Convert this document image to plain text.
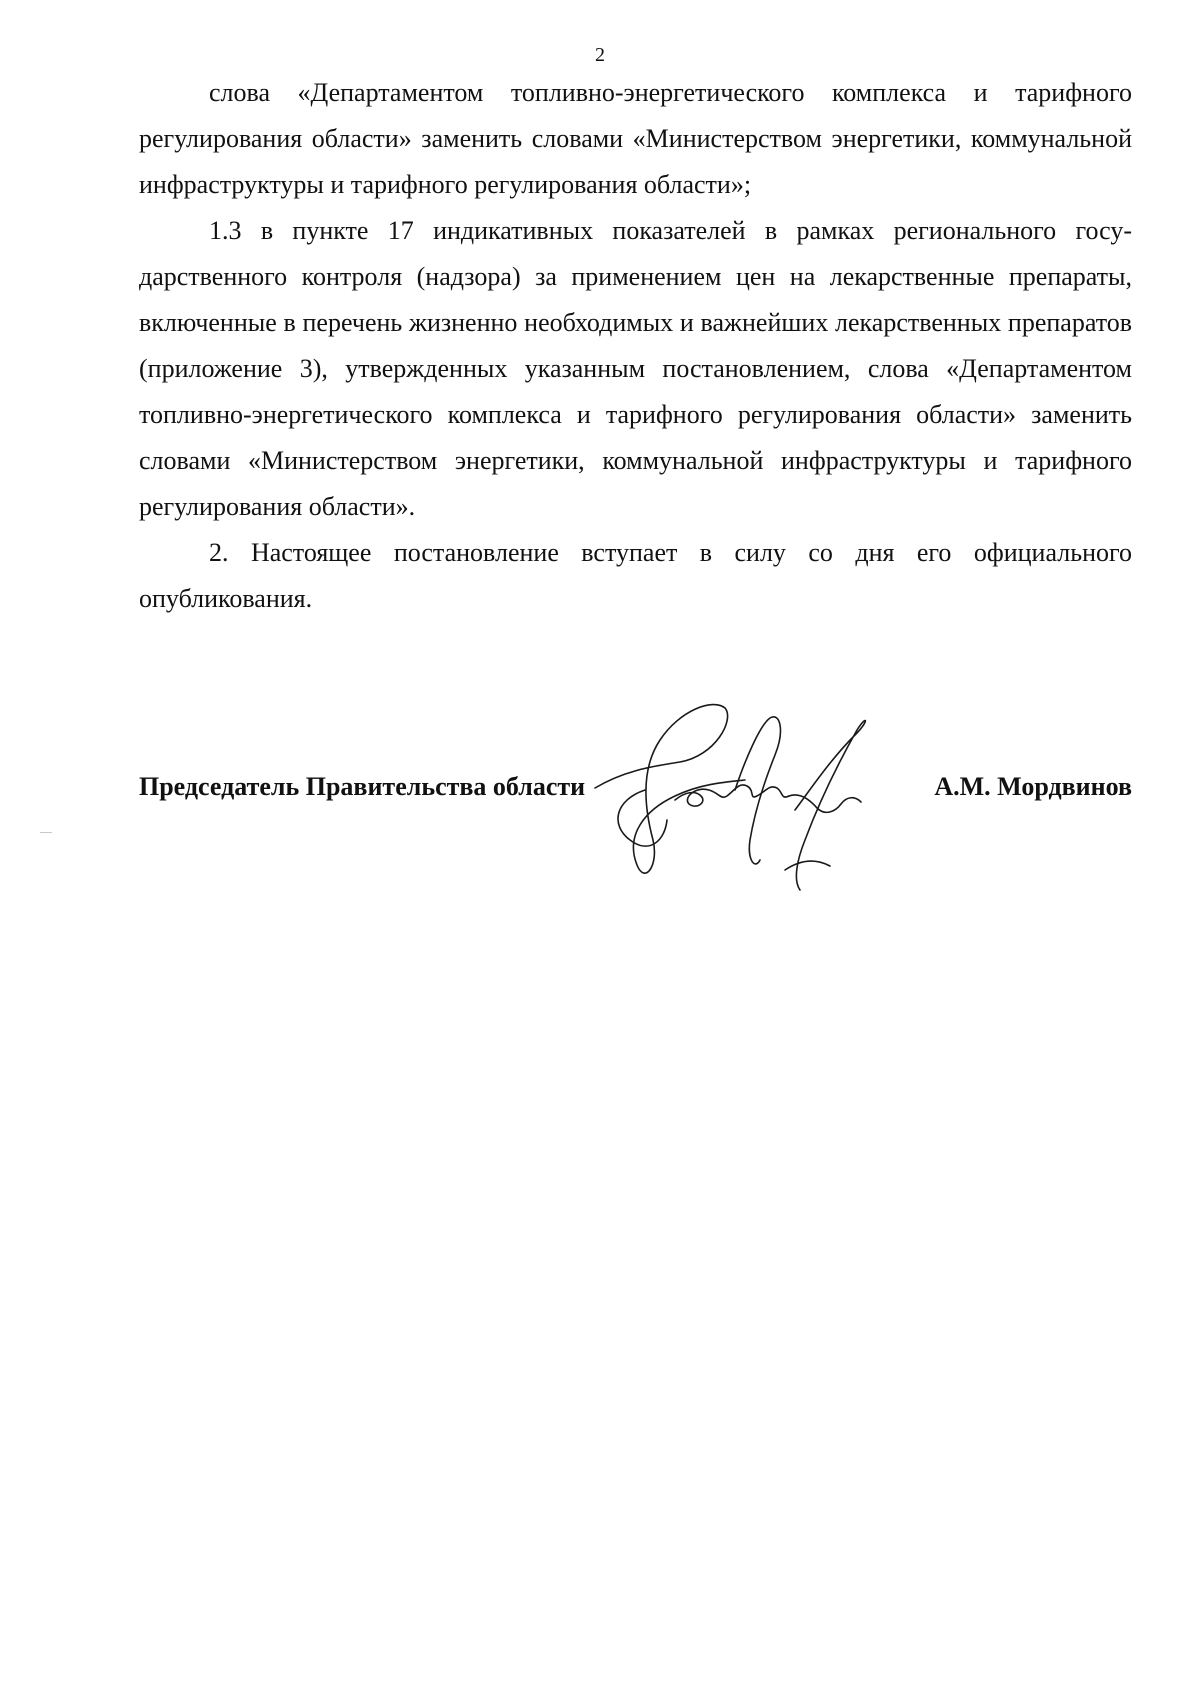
2

слова «Департаментом топливно-энергетического комплекса и тарифного регулирования области» заменить словами «Министерством энергетики, коммунальной инфраструктуры и тарифного регулирования области»;

1.3 в пункте 17 индикативных показателей в рамках регионального государственного контроля (надзора) за применением цен на лекарственные препараты, включенные в перечень жизненно необходимых и важнейших лекарственных препаратов (приложение 3), утвержденных указанным постановлением, слова «Департаментом топливно-энергетического комплекса и тарифного регулирования области» заменить словами «Министерством энергетики, коммунальной инфраструктуры и тарифного регулирования области».

2. Настоящее постановление вступает в силу со дня его официального опубликования.

Председатель Правительства области	А.М. Мордвинов
